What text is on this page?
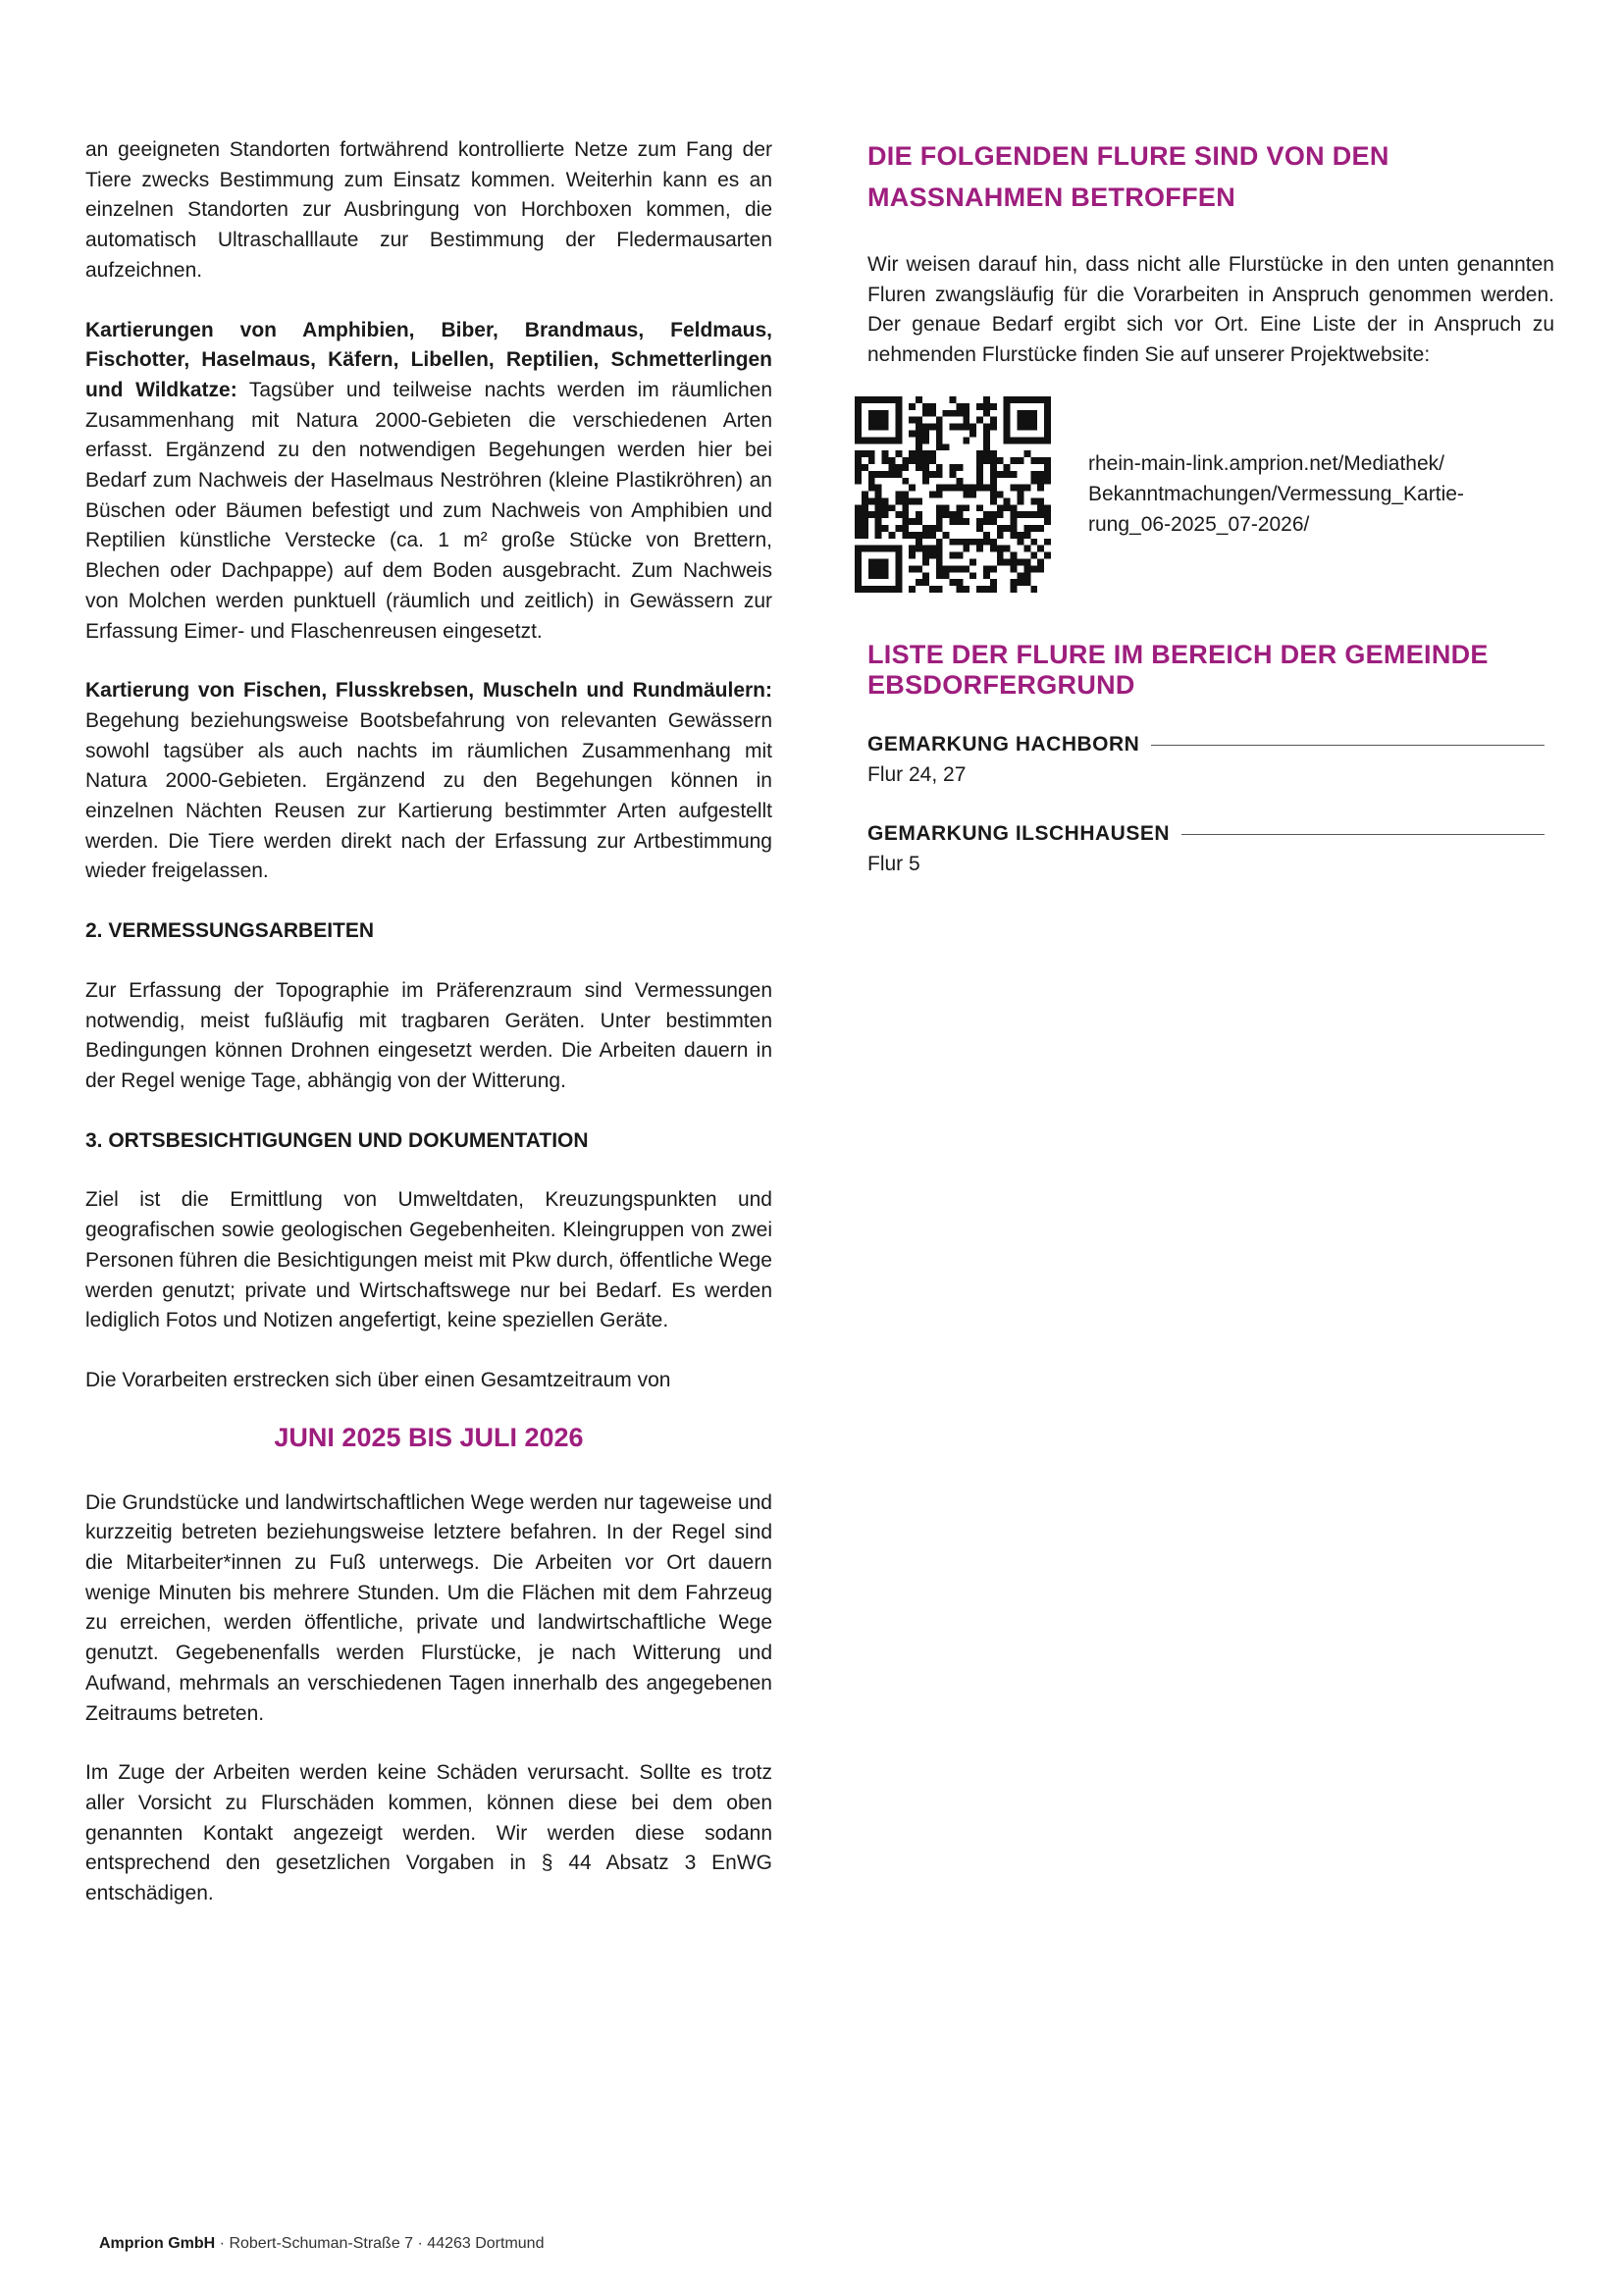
an geeigneten Standorten fortwährend kontrollierte Netze zum Fang der Tiere zwecks Bestimmung zum Einsatz kommen. Weiterhin kann es an einzelnen Standorten zur Ausbringung von Horchboxen kommen, die automatisch Ultraschalllaute zur Bestimmung der Fledermausarten aufzeichnen.

Kartierungen von Amphibien, Biber, Brandmaus, Feldmaus, Fischotter, Haselmaus, Käfern, Libellen, Reptilien, Schmetterlingen und Wildkatze: Tagsüber und teilweise nachts werden im räumlichen Zusammenhang mit Natura 2000-Gebieten die verschiedenen Arten erfasst. Ergänzend zu den notwendigen Begehungen werden hier bei Bedarf zum Nachweis der Haselmaus Neströhren (kleine Plastikröhren) an Büschen oder Bäumen befestigt und zum Nachweis von Amphibien und Reptilien künstliche Verstecke (ca. 1 m² große Stücke von Brettern, Blechen oder Dachpappe) auf dem Boden ausgebracht. Zum Nachweis von Molchen werden punktuell (räumlich und zeitlich) in Gewässern zur Erfassung Eimer- und Flaschenreusen eingesetzt.

Kartierung von Fischen, Flusskrebsen, Muscheln und Rundmäulern: Begehung beziehungsweise Bootsbefahrung von relevanten Gewässern sowohl tagsüber als auch nachts im räumlichen Zusammenhang mit Natura 2000-Gebieten. Ergänzend zu den Begehungen können in einzelnen Nächten Reusen zur Kartierung bestimmter Arten aufgestellt werden. Die Tiere werden direkt nach der Erfassung zur Artbestimmung wieder freigelassen.

2. VERMESSUNGSARBEITEN

Zur Erfassung der Topographie im Präferenzraum sind Vermessungen notwendig, meist fußläufig mit tragbaren Geräten. Unter bestimmten Bedingungen können Drohnen eingesetzt werden. Die Arbeiten dauern in der Regel wenige Tage, abhängig von der Witterung.

3. ORTSBESICHTIGUNGEN UND DOKUMENTATION

Ziel ist die Ermittlung von Umweltdaten, Kreuzungspunkten und geografischen sowie geologischen Gegebenheiten. Kleingruppen von zwei Personen führen die Besichtigungen meist mit Pkw durch, öffentliche Wege werden genutzt; private und Wirtschaftswege nur bei Bedarf. Es werden lediglich Fotos und Notizen angefertigt, keine speziellen Geräte.

Die Vorarbeiten erstrecken sich über einen Gesamtzeitraum von

JUNI 2025 BIS JULI 2026

Die Grundstücke und landwirtschaftlichen Wege werden nur tageweise und kurzzeitig betreten beziehungsweise letztere befahren. In der Regel sind die Mitarbeiter*innen zu Fuß unterwegs. Die Arbeiten vor Ort dauern wenige Minuten bis mehrere Stunden. Um die Flächen mit dem Fahrzeug zu erreichen, werden öffentliche, private und landwirtschaftliche Wege genutzt. Gegebenenfalls werden Flurstücke, je nach Witterung und Aufwand, mehrmals an verschiedenen Tagen innerhalb des angegebenen Zeitraums betreten.

Im Zuge der Arbeiten werden keine Schäden verursacht. Sollte es trotz aller Vorsicht zu Flurschäden kommen, können diese bei dem oben genannten Kontakt angezeigt werden. Wir werden diese sodann entsprechend den gesetzlichen Vorgaben in § 44 Absatz 3 EnWG entschädigen.

DIE FOLGENDEN FLURE SIND VON DEN
MASSNAHMEN BETROFFEN

Wir weisen darauf hin, dass nicht alle Flurstücke in den unten genannten Fluren zwangsläufig für die Vorarbeiten in Anspruch genommen werden. Der genaue Bedarf ergibt sich vor Ort. Eine Liste der in Anspruch zu nehmenden Flurstücke finden Sie auf unserer Projektwebsite:

rhein-main-link.amprion.net/Mediathek/
Bekanntmachungen/Vermessung_Kartie-
rung_06-2025_07-2026/
LISTE DER FLURE IM BEREICH DER GEMEINDE
EBSDORFERGRUND
GEMARKUNG HACHBORN
Flur 24, 27
GEMARKUNG ILSCHHAUSEN
Flur 5
Amprion GmbH · Robert-Schuman-Straße 7 · 44263 Dortmund
